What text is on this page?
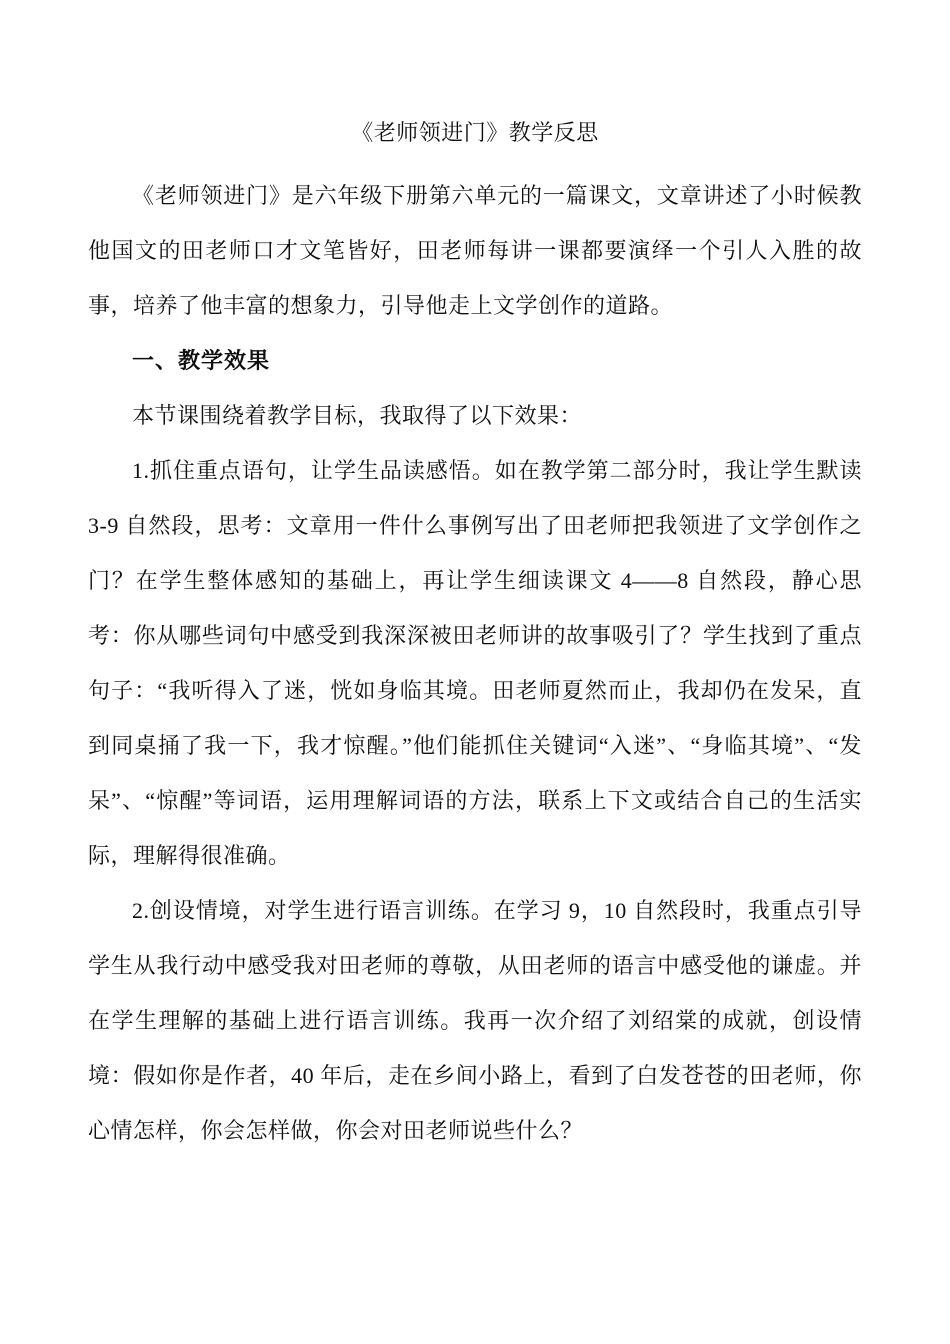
《老师领进门》教学反思

《老师领进门》是六年级下册第六单元的一篇课文，文章讲述了小时候教他国文的田老师口才文笔皆好，田老师每讲一课都要演绎一个引人入胜的故事，培养了他丰富的想象力，引导他走上文学创作的道路。

一、教学效果

本节课围绕着教学目标，我取得了以下效果：

1.抓住重点语句，让学生品读感悟。如在教学第二部分时，我让学生默读 3-9 自然段，思考：文章用一件什么事例写出了田老师把我领进了文学创作之门？在学生整体感知的基础上，再让学生细读课文 4——8 自然段，静心思考：你从哪些词句中感受到我深深被田老师讲的故事吸引了？学生找到了重点句子：“我听得入了迷，恍如身临其境。田老师夏然而止，我却仍在发呆，直到同桌捅了我一下，我才惊醒。”他们能抓住关键词“入迷”、“身临其境”、“发呆”、“惊醒”等词语，运用理解词语的方法，联系上下文或结合自己的生活实际，理解得很准确。

2.创设情境，对学生进行语言训练。在学习 9，10 自然段时，我重点引导学生从我行动中感受我对田老师的尊敬，从田老师的语言中感受他的谦虚。并在学生理解的基础上进行语言训练。我再一次介绍了刘绍棠的成就，创设情境：假如你是作者，40 年后，走在乡间小路上，看到了白发苍苍的田老师，你心情怎样，你会怎样做，你会对田老师说些什么？
